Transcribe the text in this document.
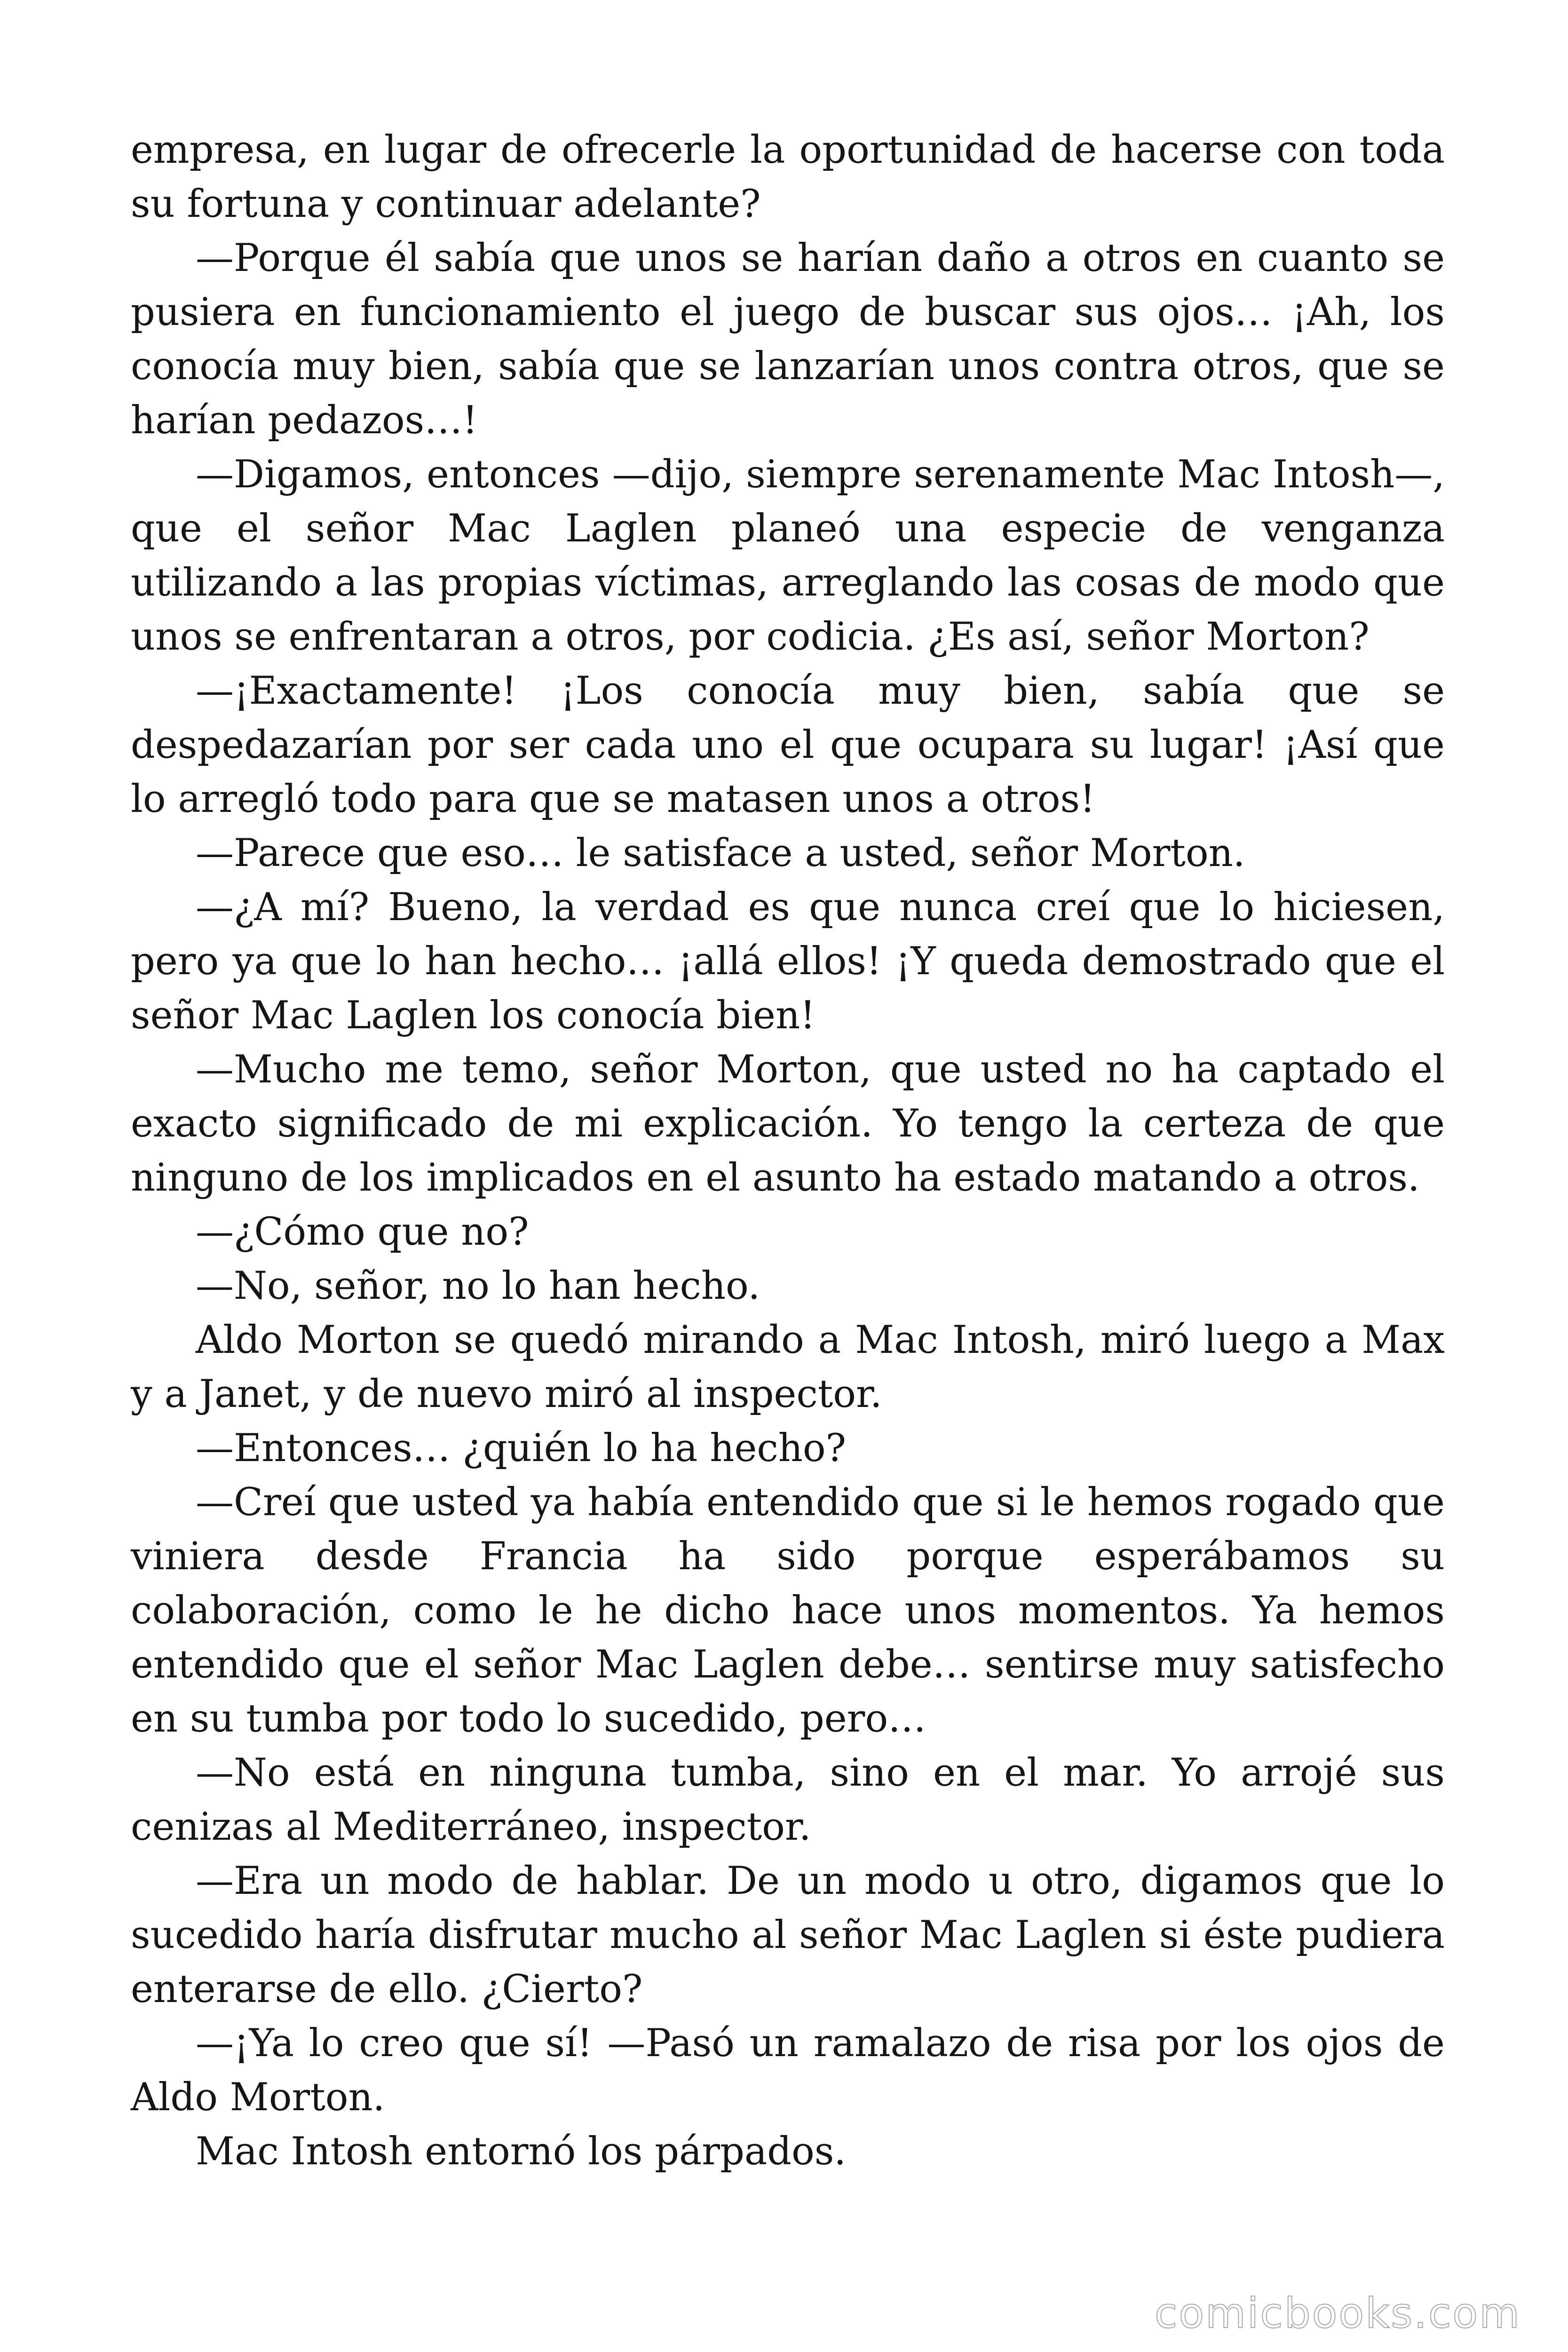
empresa, en lugar de ofrecerle la oportunidad de hacerse con toda su fortuna y continuar adelante?

—Porque él sabía que unos se harían daño a otros en cuanto se pusiera en funcionamiento el juego de buscar sus ojos… ¡Ah, los conocía muy bien, sabía que se lanzarían unos contra otros, que se harían pedazos…!

—Digamos, entonces —dijo, siempre serenamente Mac Intosh—, que el señor Mac Laglen planeó una especie de venganza utilizando a las propias víctimas, arreglando las cosas de modo que unos se enfrentaran a otros, por codicia. ¿Es así, señor Morton?

—¡Exactamente! ¡Los conocía muy bien, sabía que se despedazarían por ser cada uno el que ocupara su lugar! ¡Así que lo arregló todo para que se matasen unos a otros!

—Parece que eso… le satisface a usted, señor Morton.

—¿A mí? Bueno, la verdad es que nunca creí que lo hiciesen, pero ya que lo han hecho… ¡allá ellos! ¡Y queda demostrado que el señor Mac Laglen los conocía bien!

—Mucho me temo, señor Morton, que usted no ha captado el exacto significado de mi explicación. Yo tengo la certeza de que ninguno de los implicados en el asunto ha estado matando a otros.

—¿Cómo que no?

—No, señor, no lo han hecho.

Aldo Morton se quedó mirando a Mac Intosh, miró luego a Max y a Janet, y de nuevo miró al inspector.

—Entonces… ¿quién lo ha hecho?

—Creí que usted ya había entendido que si le hemos rogado que viniera desde Francia ha sido porque esperábamos su colaboración, como le he dicho hace unos momentos. Ya hemos entendido que el señor Mac Laglen debe… sentirse muy satisfecho en su tumba por todo lo sucedido, pero…

—No está en ninguna tumba, sino en el mar. Yo arrojé sus cenizas al Mediterráneo, inspector.

—Era un modo de hablar. De un modo u otro, digamos que lo sucedido haría disfrutar mucho al señor Mac Laglen si éste pudiera enterarse de ello. ¿Cierto?

—¡Ya lo creo que sí! —Pasó un ramalazo de risa por los ojos de Aldo Morton.

Mac Intosh entornó los párpados.

comicbooks.com
